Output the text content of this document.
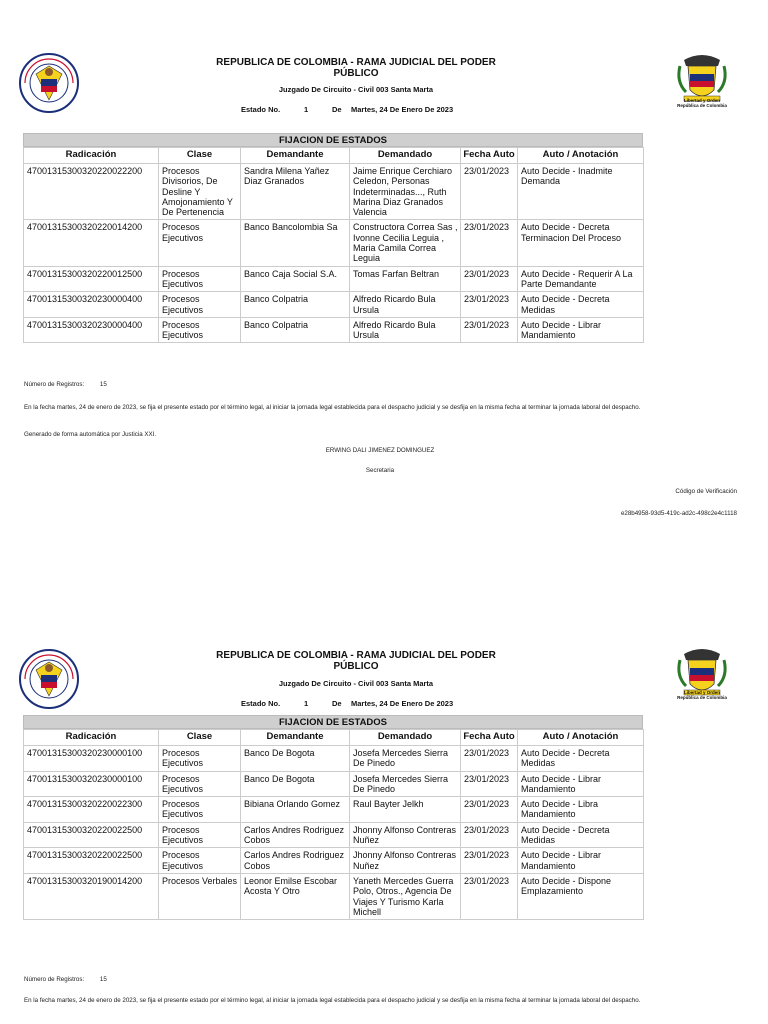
Libertad y Orden
República de Colombia
REPUBLICA DE COLOMBIA - RAMA JUDICIAL DEL PODER PÚBLICO
Juzgado De Circuito - Civil 003 Santa Marta
Estado No.	1	De Martes, 24 De Enero De 2023
FIJACION DE ESTADOS
Radicación	Clase	Demandante	Demandado	Fecha Auto	Auto / Anotación
47001315300320220022200	Procesos Divisorios, De Desline Y Amojonamiento Y De Pertenencia	Sandra Milena Yañez Diaz Granados	Jaime Enrique Cerchiaro Celedon, Personas Indeterminadas..., Ruth Marina Diaz Granados Valencia	23/01/2023	Auto Decide - Inadmite Demanda
47001315300320220014200	Procesos Ejecutivos	Banco Bancolombia Sa	Constructora Correa Sas , Ivonne Cecilia Leguia , Maria Camila Correa Leguia	23/01/2023	Auto Decide - Decreta Terminacion Del Proceso
47001315300320220012500	Procesos Ejecutivos	Banco Caja Social S.A.	Tomas Farfan Beltran	23/01/2023	Auto Decide - Requerir A La Parte Demandante
47001315300320230000400	Procesos Ejecutivos	Banco Colpatria	Alfredo Ricardo Bula Ursula	23/01/2023	Auto Decide - Decreta Medidas
47001315300320230000400	Procesos Ejecutivos	Banco Colpatria	Alfredo Ricardo Bula Ursula	23/01/2023	Auto Decide - Librar Mandamiento
Número de Registros:	15
En la fecha martes, 24 de enero de 2023, se fija el presente estado por el término legal, al iniciar la jornada legal establecida para el despacho judicial y se desfija en la misma fecha al terminar la jornada laboral del despacho.
Generado de forma automática por Justicia XXI.
ERWING DALI JIMENEZ DOMINGUEZ
Secretaria
Código de Verificación
e28b4958-93d5-419c-ad2c-498c2e4c1118
Libertad y Orden
República de Colombia
REPUBLICA DE COLOMBIA - RAMA JUDICIAL DEL PODER PÚBLICO
Juzgado De Circuito - Civil 003 Santa Marta
Estado No.	1	De Martes, 24 De Enero De 2023
FIJACION DE ESTADOS
Radicación	Clase	Demandante	Demandado	Fecha Auto	Auto / Anotación
47001315300320230000100	Procesos Ejecutivos	Banco De Bogota	Josefa Mercedes Sierra De Pinedo	23/01/2023	Auto Decide - Decreta Medidas
47001315300320230000100	Procesos Ejecutivos	Banco De Bogota	Josefa Mercedes Sierra De Pinedo	23/01/2023	Auto Decide - Librar Mandamiento
47001315300320220022300	Procesos Ejecutivos	Bibiana Orlando Gomez	Raul Bayter Jelkh	23/01/2023	Auto Decide - Libra Mandamiento
47001315300320220022500	Procesos Ejecutivos	Carlos Andres Rodriguez Cobos	Jhonny Alfonso Contreras Nuñez	23/01/2023	Auto Decide - Decreta Medidas
47001315300320220022500	Procesos Ejecutivos	Carlos Andres Rodriguez Cobos	Jhonny Alfonso Contreras Nuñez	23/01/2023	Auto Decide - Librar Mandamiento
47001315300320190014200	Procesos Verbales	Leonor Emilse Escobar Acosta Y Otro	Yaneth Mercedes Guerra Polo, Otros., Agencia De Viajes Y Turismo Karla Michell	23/01/2023	Auto Decide - Dispone Emplazamiento
Número de Registros:	15
En la fecha martes, 24 de enero de 2023, se fija el presente estado por el término legal, al iniciar la jornada legal establecida para el despacho judicial y se desfija en la misma fecha al terminar la jornada laboral del despacho.
